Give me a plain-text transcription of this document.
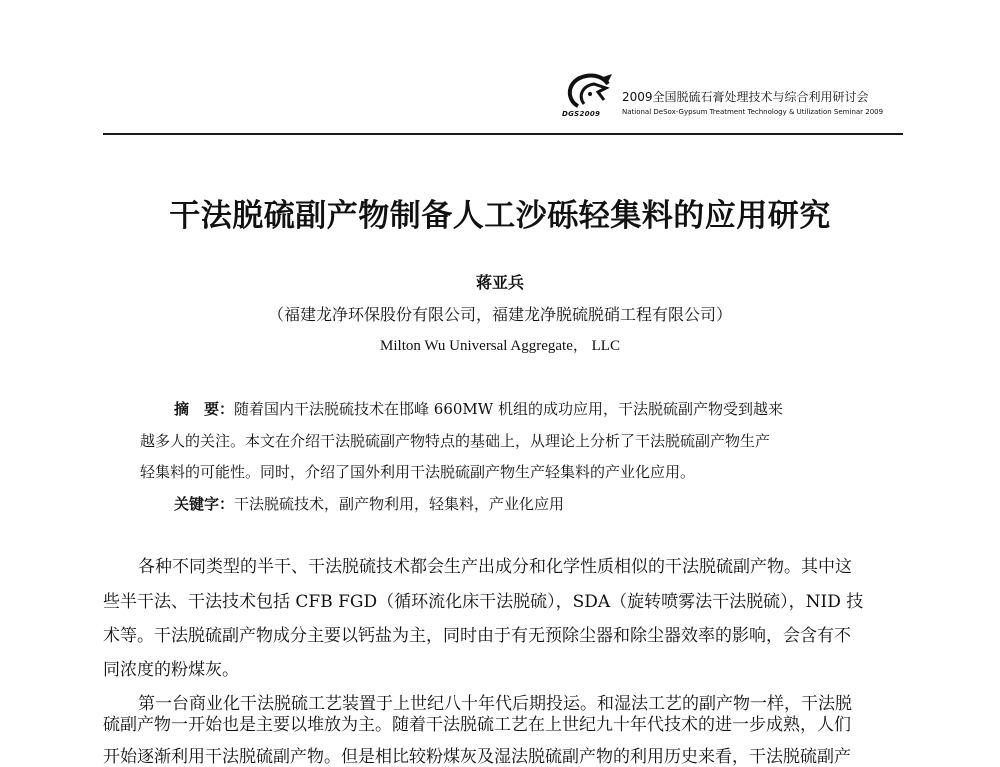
DGS2009
2009全国脱硫石膏处理技术与综合利用研讨会
National DeSox-Gypsum Treatment Technology & Utilization Seminar 2009
干法脱硫副产物制备人工沙砾轻集料的应用研究
蒋亚兵
（福建龙净环保股份有限公司，福建龙净脱硫脱硝工程有限公司）
Milton Wu Universal Aggregate， LLC
摘　要：随着国内干法脱硫技术在邯峰 660MW 机组的成功应用，干法脱硫副产物受到越来
越多人的关注。本文在介绍干法脱硫副产物特点的基础上，从理论上分析了干法脱硫副产物生产
轻集料的可能性。同时，介绍了国外利用干法脱硫副产物生产轻集料的产业化应用。
关键字：干法脱硫技术，副产物利用，轻集料，产业化应用
各种不同类型的半干、干法脱硫技术都会生产出成分和化学性质相似的干法脱硫副产物。其中这
些半干法、干法技术包括 CFB FGD（循环流化床干法脱硫），SDA（旋转喷雾法干法脱硫），NID 技
术等。干法脱硫副产物成分主要以钙盐为主，同时由于有无预除尘器和除尘器效率的影响，会含有不
同浓度的粉煤灰。
第一台商业化干法脱硫工艺装置于上世纪八十年代后期投运。和湿法工艺的副产物一样，干法脱
硫副产物一开始也是主要以堆放为主。随着干法脱硫工艺在上世纪九十年代技术的进一步成熟，人们
开始逐渐利用干法脱硫副产物。但是相比较粉煤灰及湿法脱硫副产物的利用历史来看，干法脱硫副产
